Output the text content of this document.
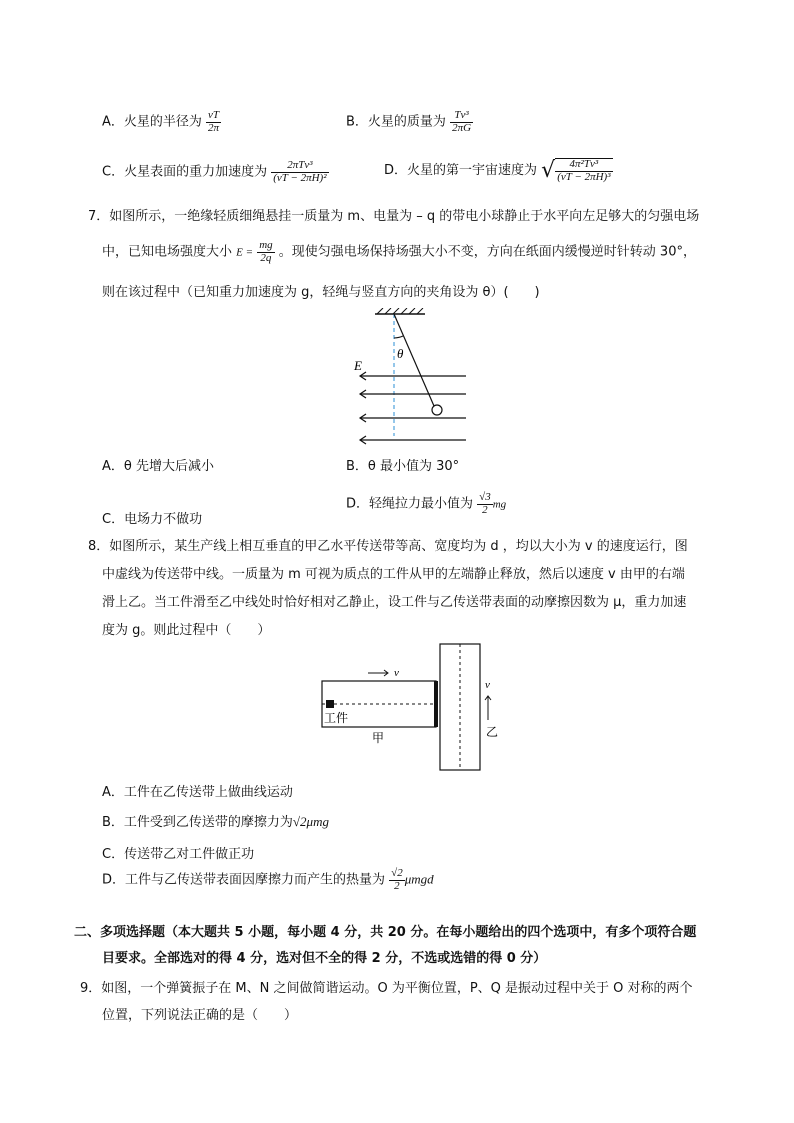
A．火星的半径为 $\frac{vT}{2\pi}$	B．火星的质量为 $\frac{\text{Tv³}}{2\pi G}$
C．火星表面的重力加速度为 $\frac{\text{2πTv³}}{\text{(vT − 2πH)²}}$	D．火星的第一宇宙速度为 √ $\frac{\text{4π²Tv³}}{\text{(vT − 2πH)³}}$
7．如图所示，一绝缘轻质细绳悬挂一质量为 m、电量为 – q 的带电小球静止于水平向左足够大的匀强电场
中，已知电场强度大小 $E = \frac{mg}{2q}$ 。现使匀强电场保持场强大小不变，方向在纸面内缓慢逆时针转动 30°，
则在该过程中（已知重力加速度为 g，轻绳与竖直方向的夹角设为 θ）(　　)
θ
E
A．θ 先增大后减小	B．θ 最小值为 30°
C．电场力不做功
D．轻绳拉力最小值为 $\frac{√3}{2}$ mg
8．如图所示，某生产线上相互垂直的甲乙水平传送带等高、宽度均为 d ，均以大小为 v 的速度运行，图
中虚线为传送带中线。一质量为 m 可视为质点的工件从甲的左端静止释放，然后以速度 v 由甲的右端
滑上乙。当工件滑至乙中线处时恰好相对乙静止，设工件与乙传送带表面的动摩擦因数为 μ，重力加速
度为 g。则此过程中（　　）
工件
甲
v
v
乙
A．工件在乙传送带上做曲线运动
B．工件受到乙传送带的摩擦力为√2μmg
C．传送带乙对工件做正功
D．工件与乙传送带表面因摩擦力而产生的热量为 $\frac{√2}{2}$ μmgd
二、多项选择题（本大题共 5 小题，每小题 4 分，共 20 分。在每小题给出的四个选项中，有多个项符合题
目要求。全部选对的得 4 分，选对但不全的得 2 分，不选或选错的得 0 分）
9．如图，一个弹簧振子在 M、N 之间做简谐运动。O 为平衡位置，P、Q 是振动过程中关于 O 对称的两个
位置，下列说法正确的是（　　）
